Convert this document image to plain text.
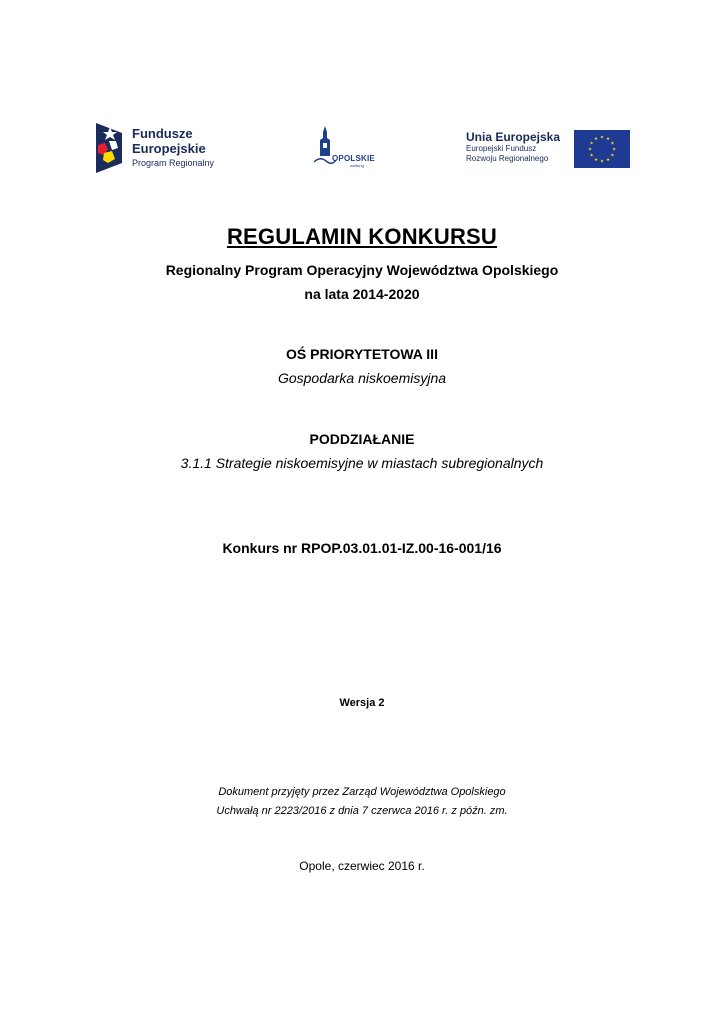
Fundusze
Europejskie
Program Regionalny	OPOLSKIE
wolfung
Unia Europejska
Europejski Fundusz
Rozwoju Regionalnego
★ ★
★
★
★
★
★
★
★
★
★
★
REGULAMIN KONKURSU
Regionalny Program Operacyjny Województwa Opolskiego
na lata 2014-2020
OŚ PRIORYTETOWA III
Gospodarka niskoemisyjna
PODDZIAŁANIE
3.1.1 Strategie niskoemisyjne w miastach subregionalnych
Konkurs nr RPOP.03.01.01-IZ.00-16-001/16
Wersja 2
Dokument przyjęty przez Zarząd Województwa Opolskiego
Uchwałą nr 2223/2016 z dnia 7 czerwca 2016 r. z późn. zm.
Opole, czerwiec 2016 r.
